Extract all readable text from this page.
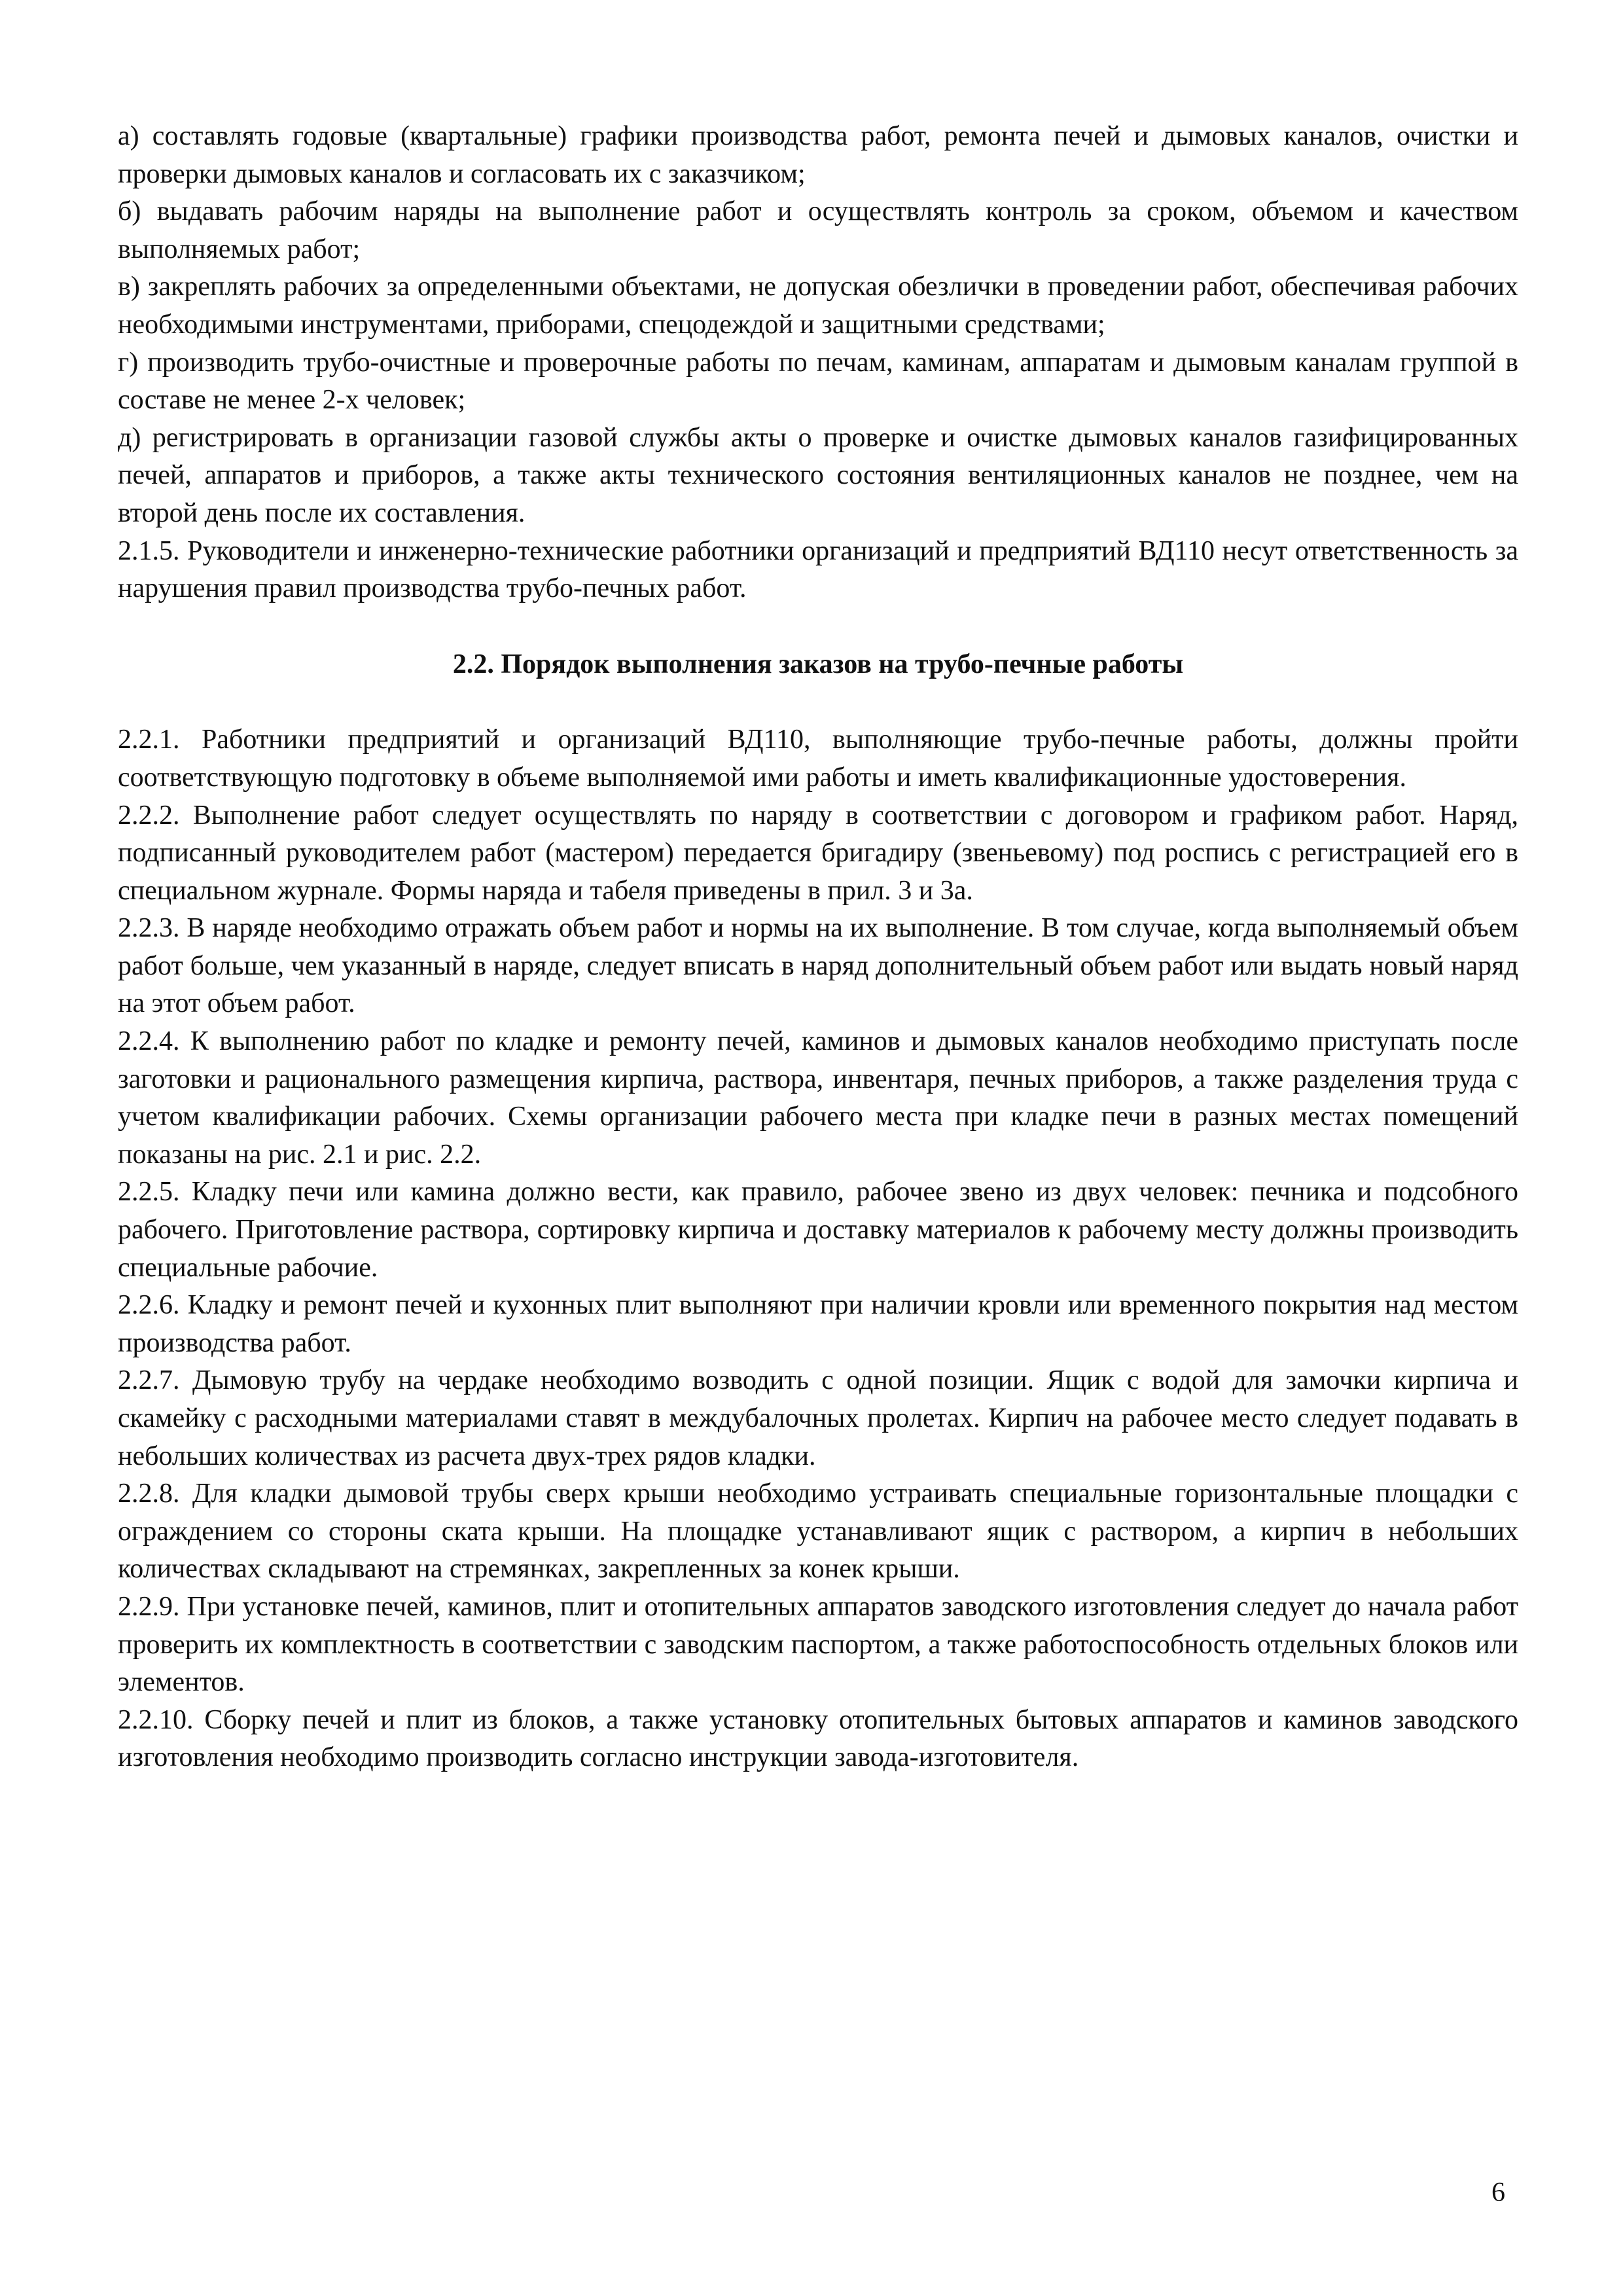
а) составлять годовые (квартальные) графики производства работ, ремонта печей и дымовых каналов, очистки и проверки дымовых каналов и согласовать их с заказчиком;

б) выдавать рабочим наряды на выполнение работ и осуществлять контроль за сроком, объемом и качеством выполняемых работ;

в) закреплять рабочих за определенными объектами, не допуская обезлички в проведении работ, обеспечивая рабочих необходимыми инструментами, приборами, спецодеждой и защитными средствами;

г) производить трубо-очистные и проверочные работы по печам, каминам, аппаратам и дымовым каналам группой в составе не менее 2-х человек;

д) регистрировать в организации газовой службы акты о проверке и очистке дымовых каналов газифицированных печей, аппаратов и приборов, а также акты технического состояния вентиляционных каналов не позднее, чем на второй день после их составления.

2.1.5. Руководители и инженерно-технические работники организаций и предприятий ВД110 несут ответственность за нарушения правил производства трубо-печных работ.

2.2. Порядок выполнения заказов на трубо-печные работы

2.2.1. Работники предприятий и организаций ВД110, выполняющие трубо-печные работы, должны пройти соответствующую подготовку в объеме выполняемой ими работы и иметь квалификационные удостоверения.

2.2.2. Выполнение работ следует осуществлять по наряду в соответствии с договором и графиком работ. Наряд, подписанный руководителем работ (мастером) передается бригадиру (звеньевому) под роспись с регистрацией его в специальном журнале. Формы наряда и табеля приведены в прил. 3 и 3а.

2.2.3. В наряде необходимо отражать объем работ и нормы на их выполнение. В том случае, когда выполняемый объем работ больше, чем указанный в наряде, следует вписать в наряд дополнительный объем работ или выдать новый наряд на этот объем работ.

2.2.4. К выполнению работ по кладке и ремонту печей, каминов и дымовых каналов необходимо приступать после заготовки и рационального размещения кирпича, раствора, инвентаря, печных приборов, а также разделения труда с учетом квалификации рабочих. Схемы организации рабочего места при кладке печи в разных местах помещений показаны на рис. 2.1 и рис. 2.2.

2.2.5. Кладку печи или камина должно вести, как правило, рабочее звено из двух человек: печника и подсобного рабочего. Приготовление раствора, сортировку кирпича и доставку материалов к рабочему месту должны производить специальные рабочие.

2.2.6. Кладку и ремонт печей и кухонных плит выполняют при наличии кровли или временного покрытия над местом производства работ.

2.2.7. Дымовую трубу на чердаке необходимо возводить с одной позиции. Ящик с водой для замочки кирпича и скамейку с расходными материалами ставят в междубалочных пролетах. Кирпич на рабочее место следует подавать в небольших количествах из расчета двух-трех рядов кладки.

2.2.8. Для кладки дымовой трубы сверх крыши необходимо устраивать специальные горизонтальные площадки с ограждением со стороны ската крыши. На площадке устанавливают ящик с раствором, а кирпич в небольших количествах складывают на стремянках, закрепленных за конек крыши.

2.2.9. При установке печей, каминов, плит и отопительных аппаратов заводского изготовления следует до начала работ проверить их комплектность в соответствии с заводским паспортом, а также работоспособность отдельных блоков или элементов.

2.2.10. Сборку печей и плит из блоков, а также установку отопительных бытовых аппаратов и каминов заводского изготовления необходимо производить согласно инструкции завода-изготовителя.

6
